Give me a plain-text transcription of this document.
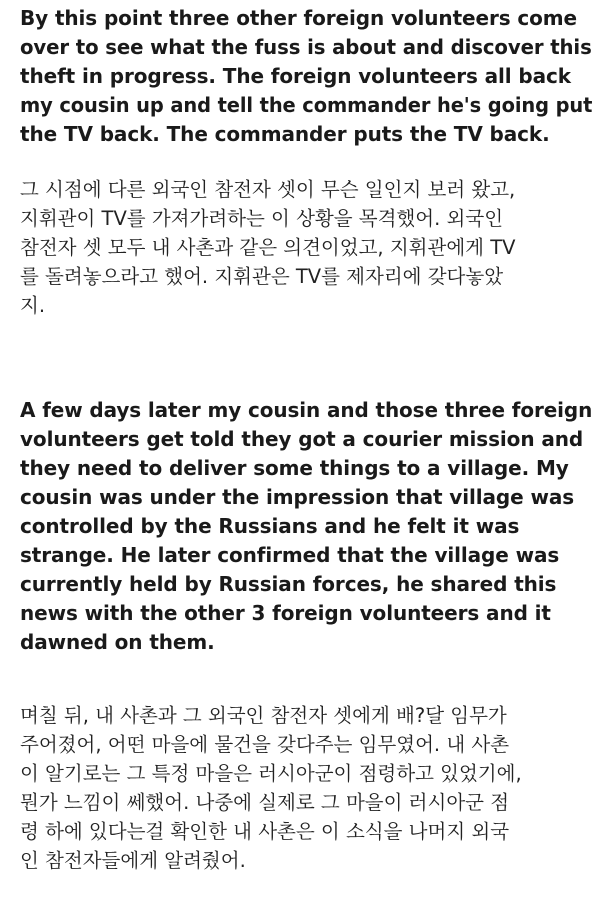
By this point three other foreign volunteers come
over to see what the fuss is about and discover this

theft in progress. The foreign volunteers all back
my cousin up and tell the commander he's going put

the TV back. The commander puts the TV back.

그 시점에 다른 외국인 참전자 셋이 무슨 일인지 보러 왔고,
지휘관이 TV를 가져가려하는 이 상황을 목격했어. 외국인
참전자 셋 모두 내 사촌과 같은 의견이었고, 지휘관에게 TV
를 돌려놓으라고 했어. 지휘관은 TV를 제자리에 갖다놓았
지.

A few days later my cousin and those three foreign

volunteers get told they got a courier mission and
they need to deliver some things to a village. My
cousin was under the impression that village was
controlled by the Russians and he felt it was
strange. He later confirmed that the village was
currently held by Russian forces, he shared this
news with the other 3 foreign volunteers and it
dawned on them.

며칠 뒤, 내 사촌과 그 외국인 참전자 셋에게 배?달 임무가
주어졌어, 어떤 마을에 물건을 갖다주는 임무였어. 내 사촌
이 알기로는 그 특정 마을은 러시아군이 점령하고 있었기에,
뭔가 느낌이 쎄했어. 나중에 실제로 그 마을이 러시아군 점
령 하에 있다는걸 확인한 내 사촌은 이 소식을 나머지 외국
인 참전자들에게 알려줬어.
